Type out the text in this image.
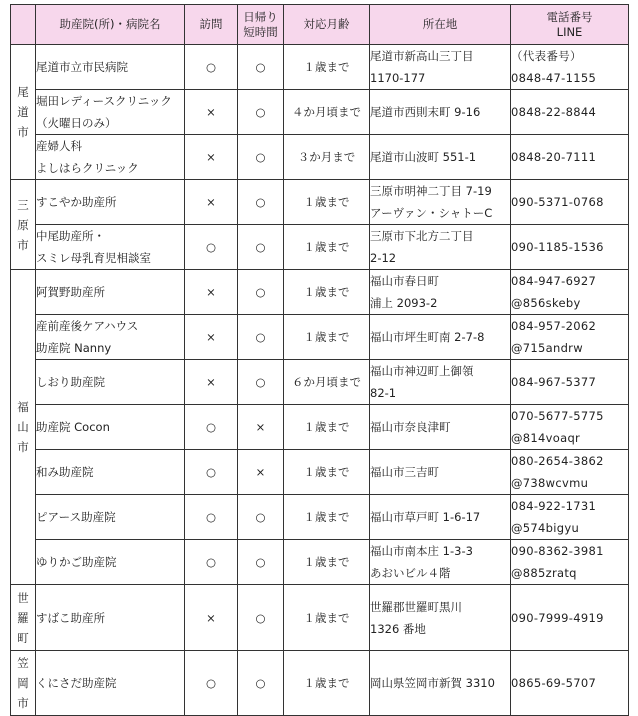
	助産院(所)・病院名	訪問	日帰り
短時間	対応月齢	所在地	電話番号
LINE

尾
道
市	尾道市立市民病院	○	○	１歳まで	尾道市新高山三丁目
1170-177	（代表番号）
0848-47-1155

	堀田レディースクリニック
（火曜日のみ）	×	○	４か月頃まで	尾道市西則末町 9-16	0848-22-8844

	産婦人科
よしはらクリニック	×	○	３か月まで	尾道市山波町 551-1	0848-20-7111

三
原
市	すこやか助産所	×	○	１歳まで	三原市明神二丁目 7-19
アーヴァン・シャトーC	090-5371-0768

	中尾助産所・
スミレ母乳育児相談室	○	○	１歳まで	三原市下北方二丁目
2-12	090-1185-1536

福
山
市	阿賀野助産所	×	○	１歳まで	福山市春日町
浦上 2093-2	084-947-6927
@856skeby

	産前産後ケアハウス
助産院 Nanny	×	○	１歳まで	福山市坪生町南 2-7-8	084-957-2062
@715andrw

	しおり助産院	×	○	６か月頃まで	福山市神辺町上御領
82-1	084-967-5377

	助産院 Cocon	○	×	１歳まで	福山市奈良津町	070-5677-5775
@814voaqr

	和み助産院	○	×	１歳まで	福山市三吉町	080-2654-3862
@738wcvmu

	ピアース助産院	○	○	１歳まで	福山市草戸町 1-6-17	084-922-1731
@574bigyu

	ゆりかご助産院	○	○	１歳まで	福山市南本庄 1-3-3
あおいビル４階	090-8362-3981
@885zratq

世
羅
町	すばこ助産所	×	○	１歳まで	世羅郡世羅町黒川
1326 番地	090-7999-4919

笠
岡
市	くにさだ助産院	○	○	１歳まで	岡山県笠岡市新賀 3310	0865-69-5707
